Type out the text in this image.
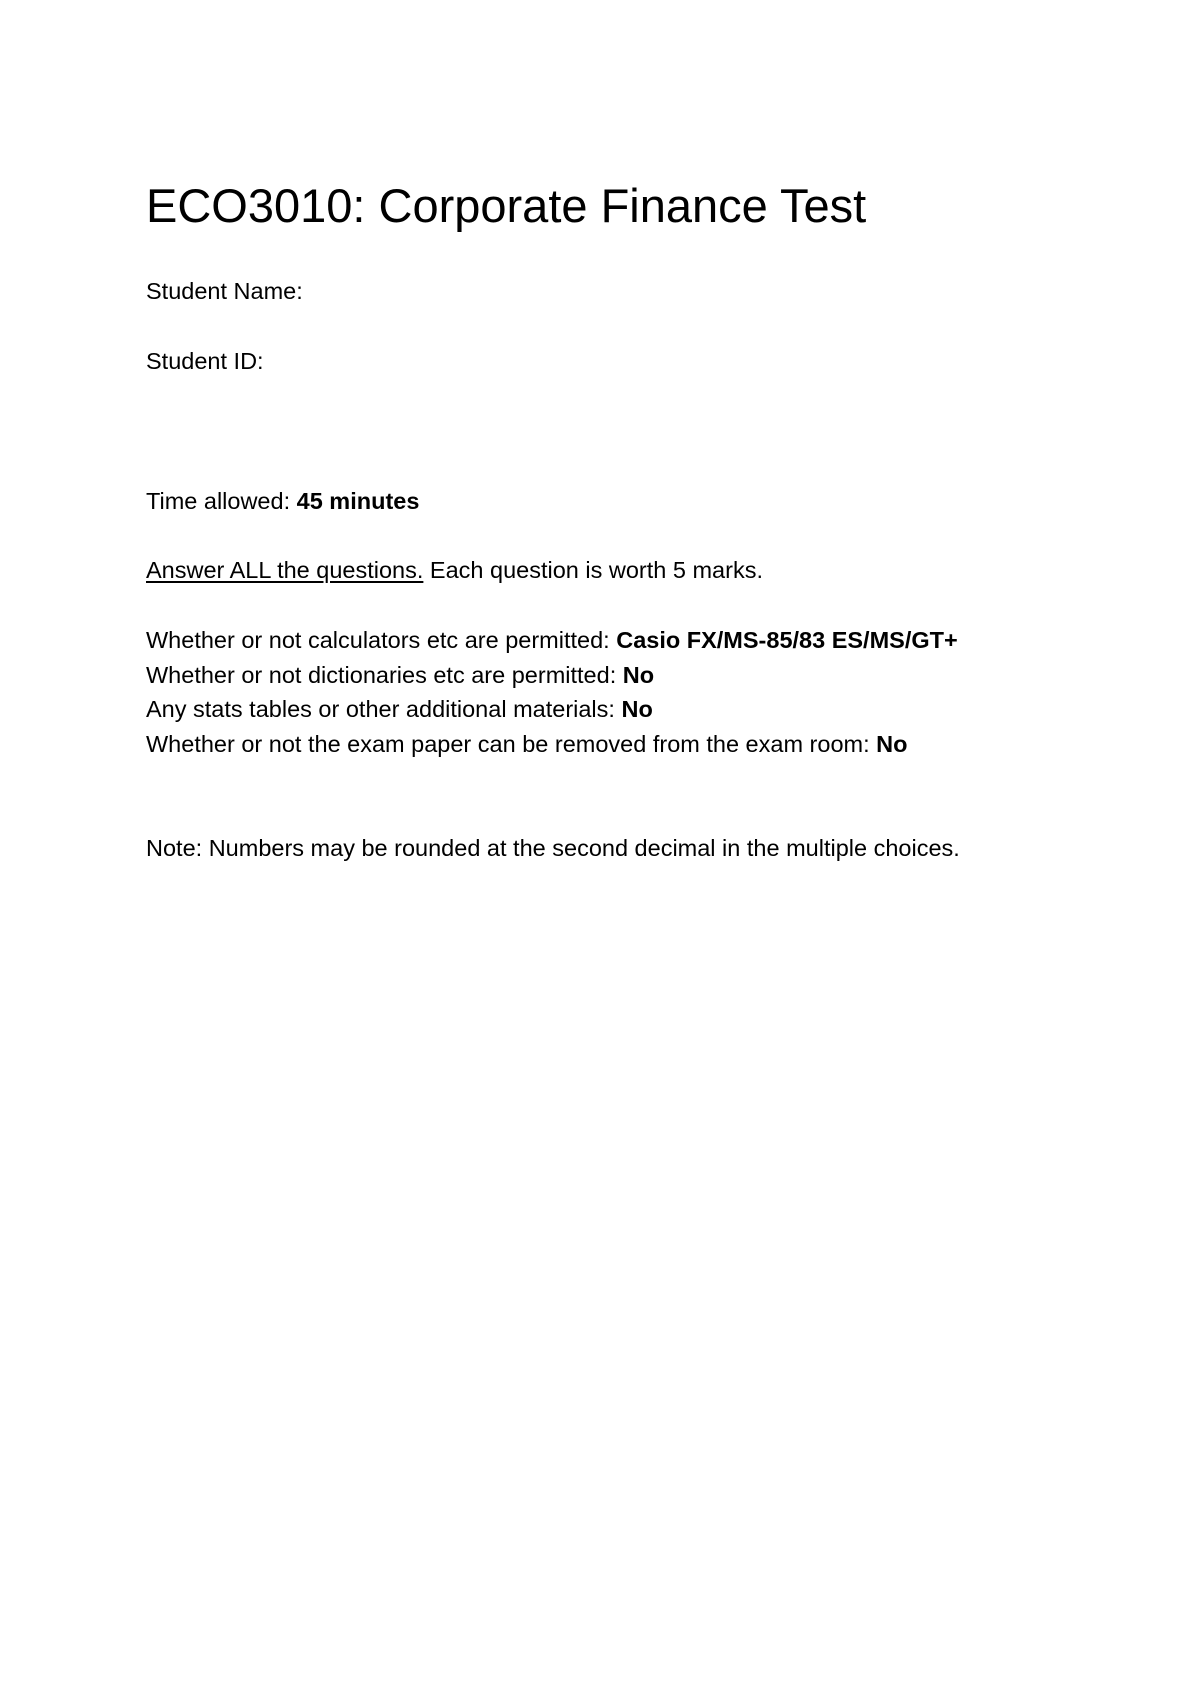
ECO3010: Corporate Finance Test
Student Name:
Student ID:
Time allowed: 45 minutes
Answer ALL the questions. Each question is worth 5 marks.
Whether or not calculators etc are permitted: Casio FX/MS-85/83 ES/MS/GT+
Whether or not dictionaries etc are permitted: No
Any stats tables or other additional materials: No
Whether or not the exam paper can be removed from the exam room: No
Note: Numbers may be rounded at the second decimal in the multiple choices.
